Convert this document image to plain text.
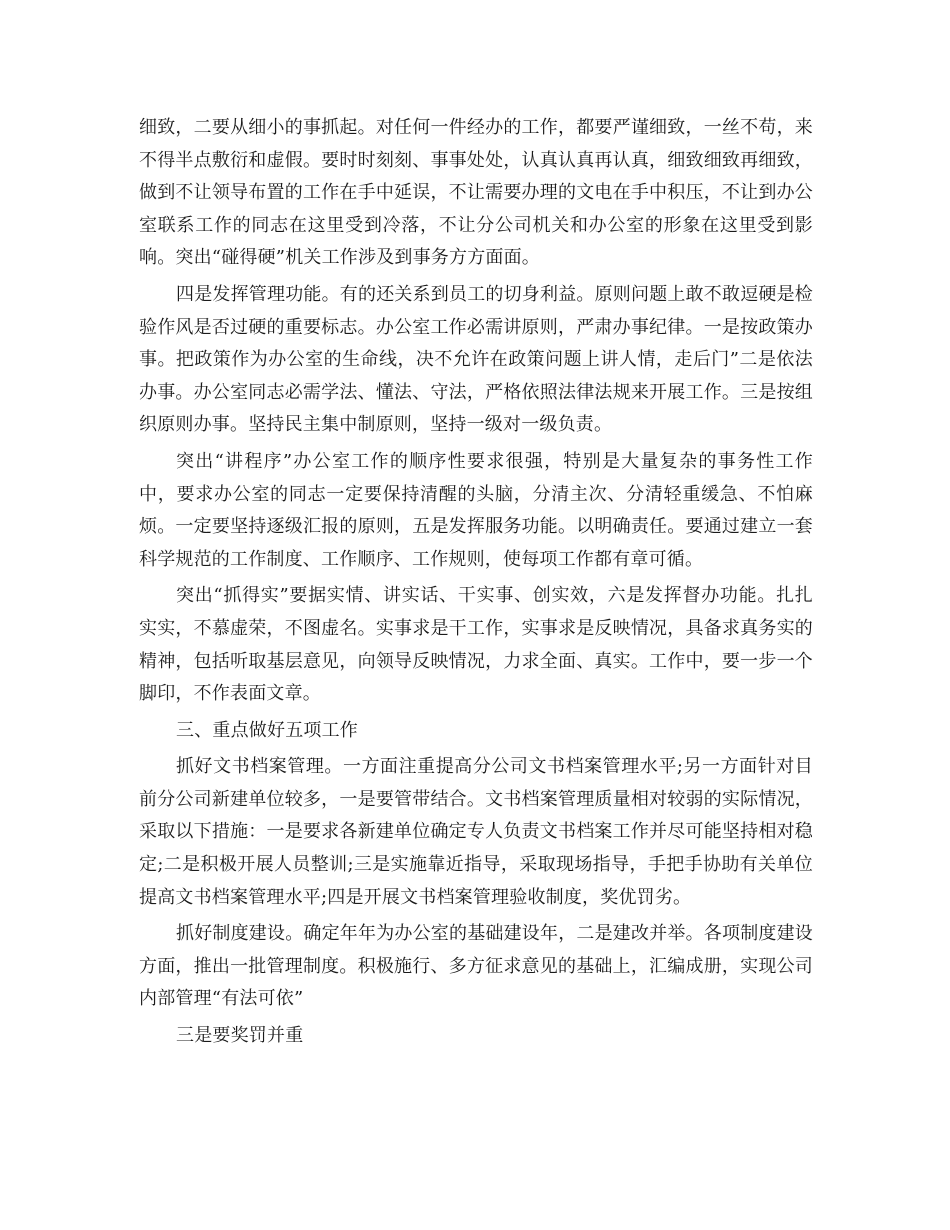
细致，二要从细小的事抓起。对任何一件经办的工作，都要严谨细致，一丝不苟，来不得半点敷衍和虚假。要时时刻刻、事事处处，认真认真再认真，细致细致再细致，做到不让领导布置的工作在手中延误，不让需要办理的文电在手中积压，不让到办公室联系工作的同志在这里受到冷落，不让分公司机关和办公室的形象在这里受到影响。突出“碰得硬”机关工作涉及到事务方方面面。

四是发挥管理功能。有的还关系到员工的切身利益。原则问题上敢不敢逗硬是检验作风是否过硬的重要标志。办公室工作必需讲原则，严肃办事纪律。一是按政策办事。把政策作为办公室的生命线，决不允许在政策问题上讲人情，走后门”二是依法办事。办公室同志必需学法、懂法、守法，严格依照法律法规来开展工作。三是按组织原则办事。坚持民主集中制原则，坚持一级对一级负责。

突出“讲程序”办公室工作的顺序性要求很强，特别是大量复杂的事务性工作中，要求办公室的同志一定要保持清醒的头脑，分清主次、分清轻重缓急、不怕麻烦。一定要坚持逐级汇报的原则，五是发挥服务功能。以明确责任。要通过建立一套科学规范的工作制度、工作顺序、工作规则，使每项工作都有章可循。

突出“抓得实”要据实情、讲实话、干实事、创实效，六是发挥督办功能。扎扎实实，不慕虚荣，不图虚名。实事求是干工作，实事求是反映情况，具备求真务实的精神，包括听取基层意见，向领导反映情况，力求全面、真实。工作中，要一步一个脚印，不作表面文章。

三、重点做好五项工作

抓好文书档案管理。一方面注重提高分公司文书档案管理水平;另一方面针对目前分公司新建单位较多，一是要管带结合。文书档案管理质量相对较弱的实际情况，采取以下措施：一是要求各新建单位确定专人负责文书档案工作并尽可能坚持相对稳定;二是积极开展人员整训;三是实施靠近指导，采取现场指导，手把手协助有关单位提高文书档案管理水平;四是开展文书档案管理验收制度，奖优罚劣。

抓好制度建设。确定年年为办公室的基础建设年，二是建改并举。各项制度建设方面，推出一批管理制度。积极施行、多方征求意见的基础上，汇编成册，实现公司内部管理“有法可依”

三是要奖罚并重
